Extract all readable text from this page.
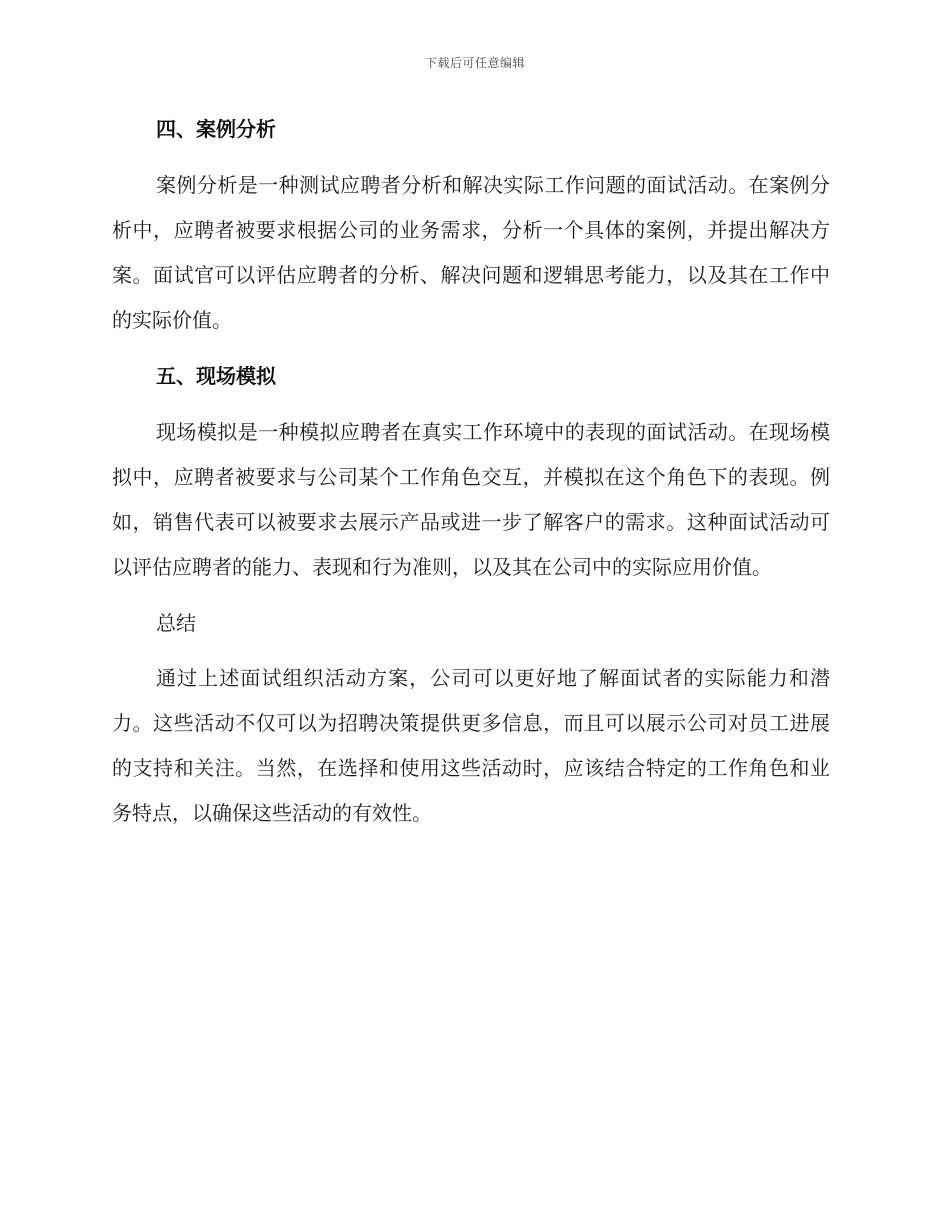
下载后可任意编辑
四、案例分析

案例分析是一种测试应聘者分析和解决实际工作问题的面试活动。在案例分析中，应聘者被要求根据公司的业务需求，分析一个具体的案例，并提出解决方案。面试官可以评估应聘者的分析、解决问题和逻辑思考能力，以及其在工作中的实际价值。

五、现场模拟

现场模拟是一种模拟应聘者在真实工作环境中的表现的面试活动。在现场模拟中，应聘者被要求与公司某个工作角色交互，并模拟在这个角色下的表现。例如，销售代表可以被要求去展示产品或进一步了解客户的需求。这种面试活动可以评估应聘者的能力、表现和行为准则，以及其在公司中的实际应用价值。

总结

通过上述面试组织活动方案，公司可以更好地了解面试者的实际能力和潜力。这些活动不仅可以为招聘决策提供更多信息，而且可以展示公司对员工进展的支持和关注。当然，在选择和使用这些活动时，应该结合特定的工作角色和业务特点，以确保这些活动的有效性。
